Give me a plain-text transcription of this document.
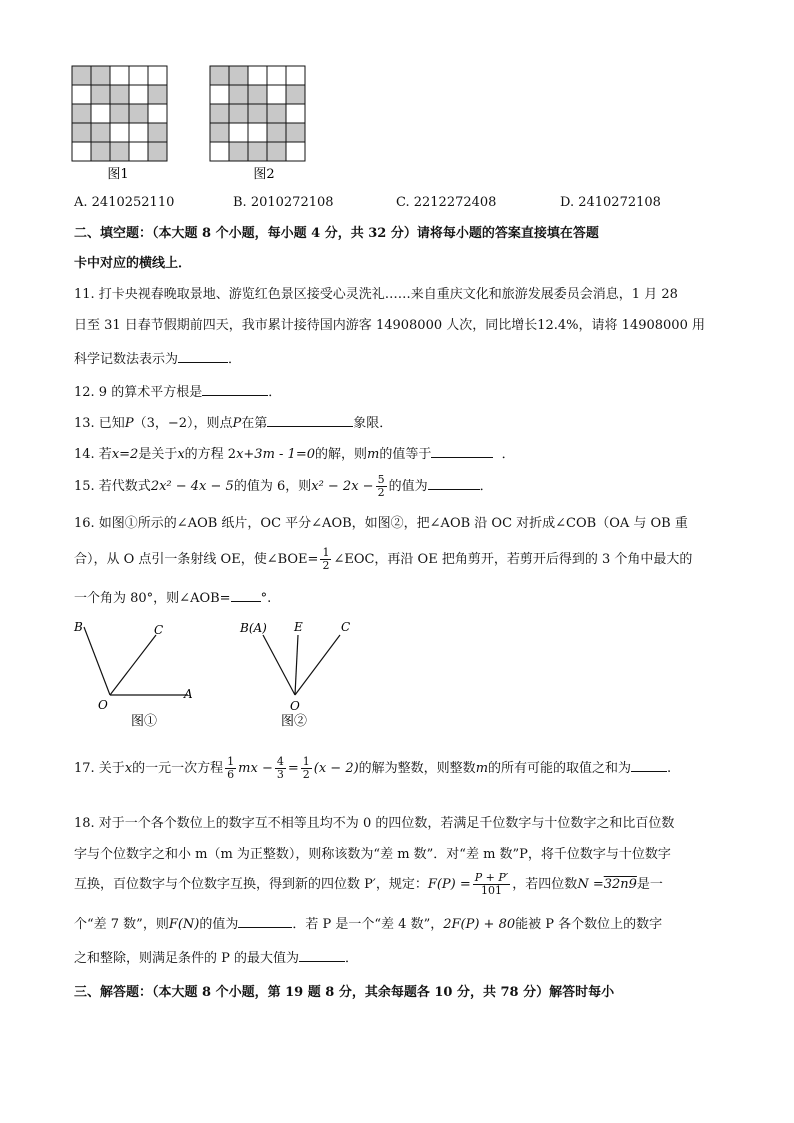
图1	图2
A. 2410252110	B. 2010272108	C. 2212272408	D. 2410272108
二、填空题：（本大题 8 个小题，每小题 4 分，共 32 分）请将每小题的答案直接填在答题
卡中对应的横线上．
11. 打卡央视春晚取景地、游览红色景区接受心灵洗礼……来自重庆文化和旅游发展委员会消息，1 月 28
日至 31 日春节假期前四天，我市累计接待国内游客 14908000 人次，同比增长12.4%，请将 14908000 用
科学记数法表示为	．
12. 9 的算术平方根是	．
13. 已知P（3，−2），则点P在第	象限．
14. 若x=2是关于x的方程 2x+3m - 1=0的解，则m的值等于	．
15. 若代数式2x² − 4x − 5的值为 6，则$x^2 - 2x - \frac{5}{2}$ 的值为	．
16. 如图①所示的∠AOB 纸片，OC 平分∠AOB，如图②，把∠AOB 沿 OC 对折成∠COB（OA 与 OB 重
合），从 O 点引一条射线 OE，使∠BOE= $\frac{1}{2}$ ∠EOC，再沿 OE 把角剪开，若剪开后得到的 3 个角中最大的
一个角为 80°，则∠AOB= °.
B	C
A
O
图①
B(A) E	C
O
图②
17. 关于x的一元一次方程 $\frac{1}{6}$ mx − $\frac{4}{3} = \frac{1}{2} (x - 2)$的解为整数，则整数m的所有可能的取值之和为	.
18. 对于一个各个数位上的数字互不相等且均不为 0 的四位数，若满足千位数字与十位数字之和比百位数
字与个位数字之和小 m（m 为正整数），则称该数为“差 m 数”．对“差 m 数”P，将千位数字与十位数字
互换，百位数字与个位数字互换，得到新的四位数 P′，规定：$F(P) = \frac{P + P'}{101}$ ，若四位数N =32n9是一
个“差 7 数”，则F(N)的值为	．若 P 是一个“差 4 数”，2F(P) + 80能被 P 各个数位上的数字
之和整除，则满足条件的 P 的最大值为	．
三、解答题：（本大题 8 个小题，第 19 题 8 分，其余每题各 10 分，共 78 分）解答时每小
